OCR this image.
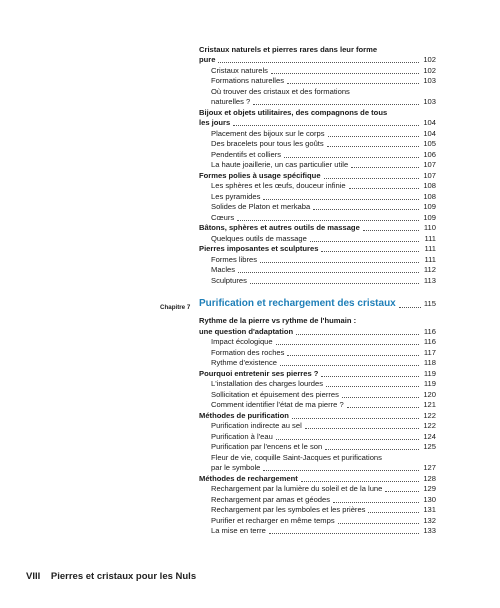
Cristaux naturels et pierres rares dans leur forme
pure	102
Cristaux naturels	102
Formations naturelles	103
Où trouver des cristaux et des formations
naturelles ?	103
Bijoux et objets utilitaires, des compagnons de tous
les jours	104
Placement des bijoux sur le corps	104
Des bracelets pour tous les goûts	105
Pendentifs et colliers	106
La haute joaillerie, un cas particulier utile	107
Formes polies à usage spécifique	107
Les sphères et les œufs, douceur infinie	108
Les pyramides	108
Solides de Platon et merkaba	109
Cœurs	109
Bâtons, sphères et autres outils de massage	110
Quelques outils de massage	111
Pierres imposantes et sculptures	111
Formes libres	111
Macles	112
Sculptures	113
Chapitre 7 Purification et rechargement des cristaux	115
Rythme de la pierre vs rythme de l'humain :
une question d'adaptation	116
Impact écologique	116
Formation des roches	117
Rythme d'existence	118
Pourquoi entretenir ses pierres ?	119
L'installation des charges lourdes	119
Sollicitation et épuisement des pierres	120
Comment identifier l'état de ma pierre ?	121
Méthodes de purification	122
Purification indirecte au sel	122
Purification à l'eau	124
Purification par l'encens et le son	125
Fleur de vie, coquille Saint-Jacques et purifications
par le symbole	127
Méthodes de rechargement	128
Rechargement par la lumière du soleil et de la lune	129
Rechargement par amas et géodes	130
Rechargement par les symboles et les prières	131
Purifier et recharger en même temps	132
La mise en terre	133
VIII Pierres et cristaux pour les Nuls
